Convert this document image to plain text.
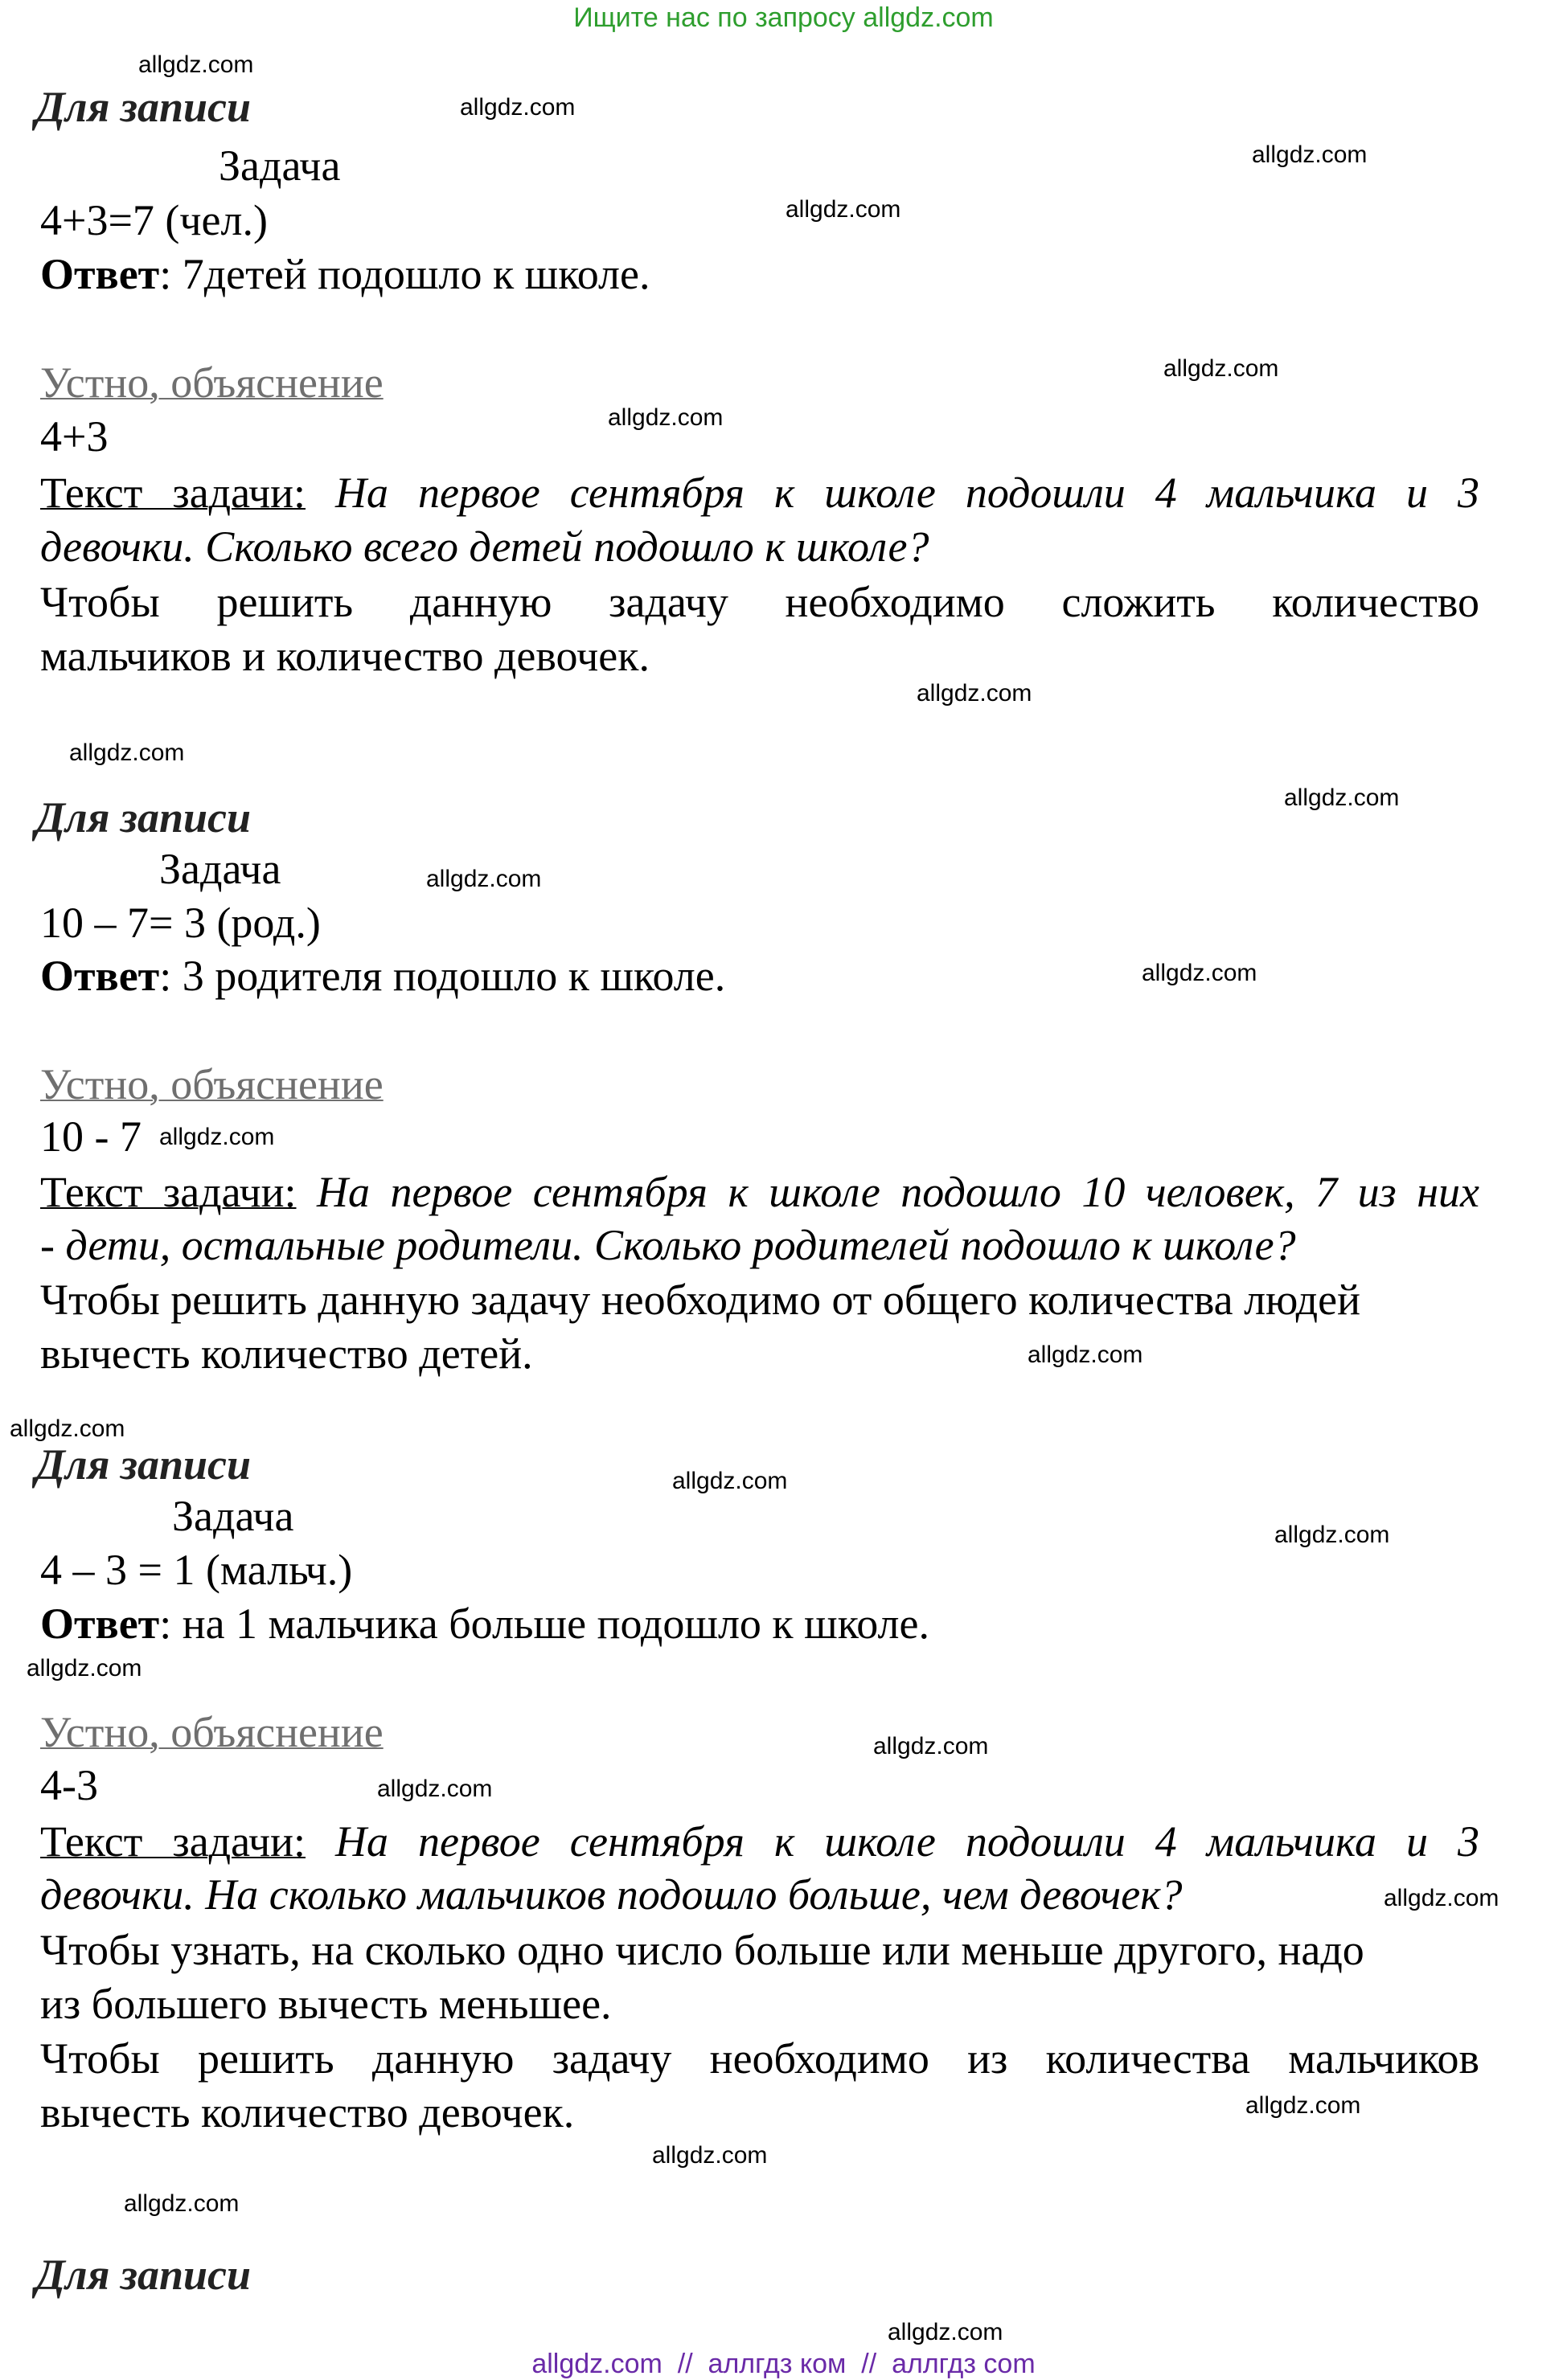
Ищите нас по запросу allgdz.com
allgdz.com
allgdz.com
allgdz.com
allgdz.com
allgdz.com
allgdz.com
allgdz.com
allgdz.com
allgdz.com
allgdz.com
allgdz.com
allgdz.com
allgdz.com
allgdz.com
allgdz.com
allgdz.com
allgdz.com
allgdz.com
allgdz.com
allgdz.com
allgdz.com
allgdz.com
allgdz.com
allgdz.com
Для записи
Задача
4+3=7 (чел.)
Ответ: 7детей подошло к школе.
Устно, объяснение
4+3
Текст задачи: На первое сентября к школе подошли 4 мальчика и 3
девочки. Сколько всего детей подошло к школе?
Чтобы решить данную задачу необходимо сложить количество
мальчиков и количество девочек.
Для записи
Задача
10 – 7= 3 (род.)
Ответ: 3 родителя подошло к школе.
Устно, объяснение
10 - 7
Текст задачи: На первое сентября к школе подошло 10 человек, 7 из них
- дети, остальные родители. Сколько родителей подошло к школе?
Чтобы решить данную задачу необходимо от общего количества людей
вычесть количество детей.
Для записи
Задача
4 – 3 = 1 (мальч.)
Ответ: на 1 мальчика больше подошло к школе.
Устно, объяснение
4-3
Текст задачи: На первое сентября к школе подошли 4 мальчика и 3
девочки. На сколько мальчиков подошло больше, чем девочек?
Чтобы узнать, на сколько одно число больше или меньше другого, надо
из большего вычесть меньшее.
Чтобы решить данную задачу необходимо из количества мальчиков
вычесть количество девочек.
Для записи
allgdz.com  //  аллгдз ком  //  аллгдз com
